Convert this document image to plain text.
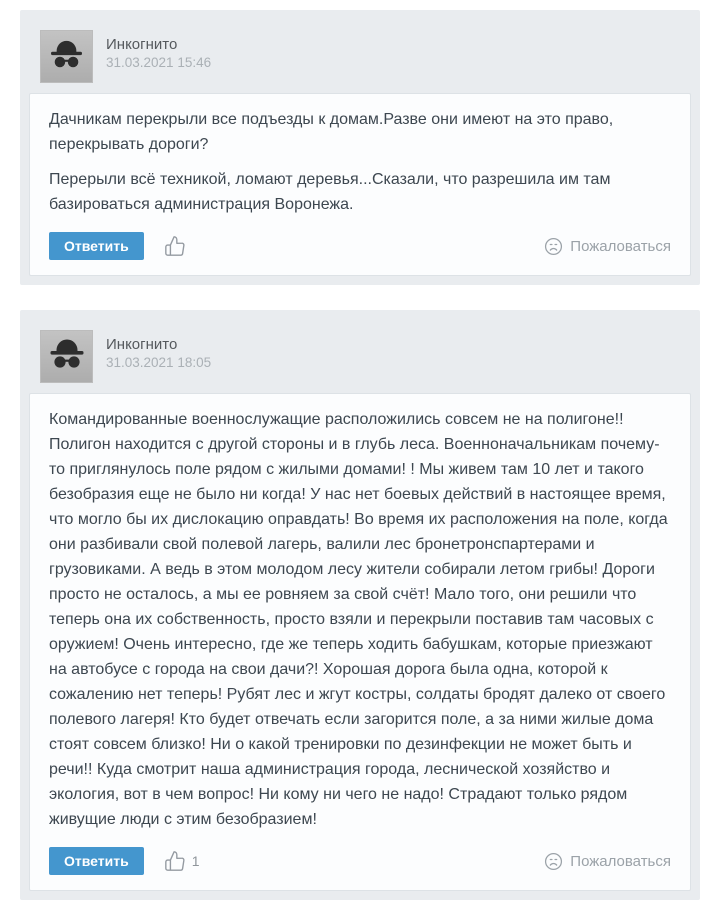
Инкогнито
31.03.2021 15:46

Дачникам перекрыли все подъезды к домам.Разве они имеют на это право, перекрывать дороги?

Перерыли всё техникой, ломают деревья...Сказали, что разрешила им там базироваться администрация Воронежа.

Ответить	Пожаловаться
Инкогнито
31.03.2021 18:05

Командированные военнослужащие расположились совсем не на полигоне!! Полигон находится с другой стороны и в глубь леса. Военноначальникам почему-то приглянулось поле рядом с жилыми домами! ! Мы живем там 10 лет и такого безобразия еще не было ни когда! У нас нет боевых действий в настоящее время, что могло бы их дислокацию оправдать! Во время их расположения на поле, когда они разбивали свой полевой лагерь, валили лес бронетронспартерами и грузовиками. А ведь в этом молодом лесу жители собирали летом грибы! Дороги просто не осталось, а мы ее ровняем за свой счёт! Мало того, они решили что теперь она их собственность, просто взяли и перекрыли поставив там часовых с оружием! Очень интересно, где же теперь ходить бабушкам, которые приезжают на автобусе с города на свои дачи?! Хорошая дорога была одна, которой к сожалению нет теперь! Рубят лес и жгут костры, солдаты бродят далеко от своего полевого лагеря! Кто будет отвечать если загорится поле, а за ними жилые дома стоят совсем близко! Ни о какой тренировки по дезинфекции не может быть и речи!! Куда смотрит наша администрация города, леснической хозяйство и экология, вот в чем вопрос! Ни кому ни чего не надо! Страдают только рядом живущие люди с этим безобразием!

Ответить	1	Пожаловаться
